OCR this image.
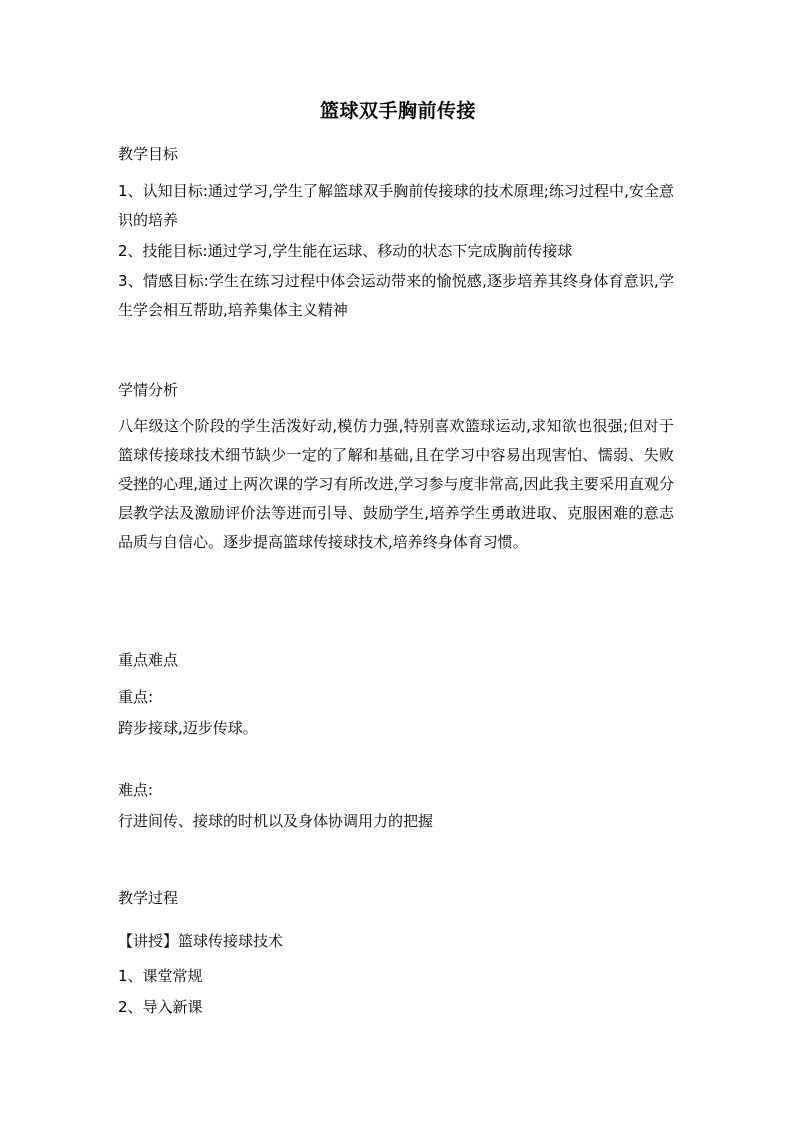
篮球双手胸前传接
教学目标
1、认知目标:通过学习,学生了解篮球双手胸前传接球的技术原理;练习过程中,安全意识的培养
2、技能目标:通过学习,学生能在运球、移动的状态下完成胸前传接球
3、情感目标:学生在练习过程中体会运动带来的愉悦感,逐步培养其终身体育意识,学生学会相互帮助,培养集体主义精神
学情分析
八年级这个阶段的学生活泼好动,模仿力强,特别喜欢篮球运动,求知欲也很强;但对于篮球传接球技术细节缺少一定的了解和基础,且在学习中容易出现害怕、懦弱、失败受挫的心理,通过上两次课的学习有所改进,学习参与度非常高,因此我主要采用直观分层教学法及激励评价法等进而引导、鼓励学生,培养学生勇敢进取、克服困难的意志品质与自信心。逐步提高篮球传接球技术,培养终身体育习惯。
重点难点
重点:
跨步接球,迈步传球。
难点:
行进间传、接球的时机以及身体协调用力的把握
教学过程
【讲授】篮球传接球技术
1、课堂常规
2、导入新课
